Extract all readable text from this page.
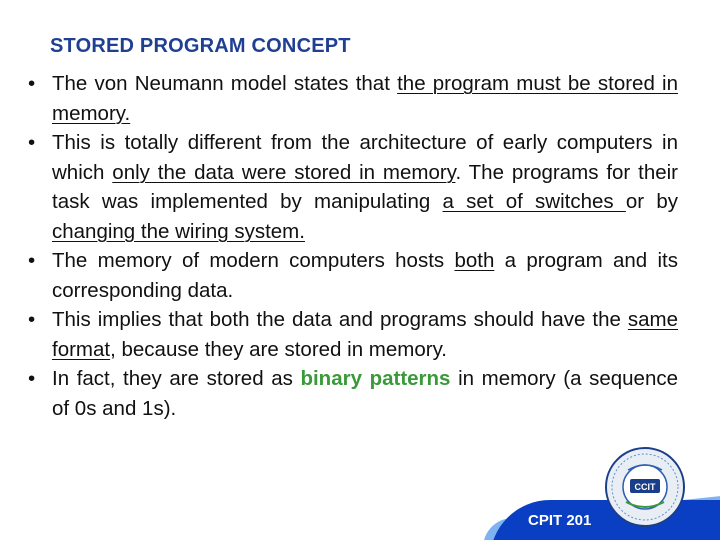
STORED PROGRAM CONCEPT
• The von Neumann model states that the program must be stored in memory.
• This is totally different from the architecture of early computers in which only the data were stored in memory. The programs for their task was implemented by manipulating a set of switches or by changing the wiring system.
• The memory of modern computers hosts both a program and its corresponding data.
• This implies that both the data and programs should have the same format, because they are stored in memory.
• In fact, they are stored as binary patterns in memory (a sequence of 0s and 1s).
CPIT 201
CCIT
